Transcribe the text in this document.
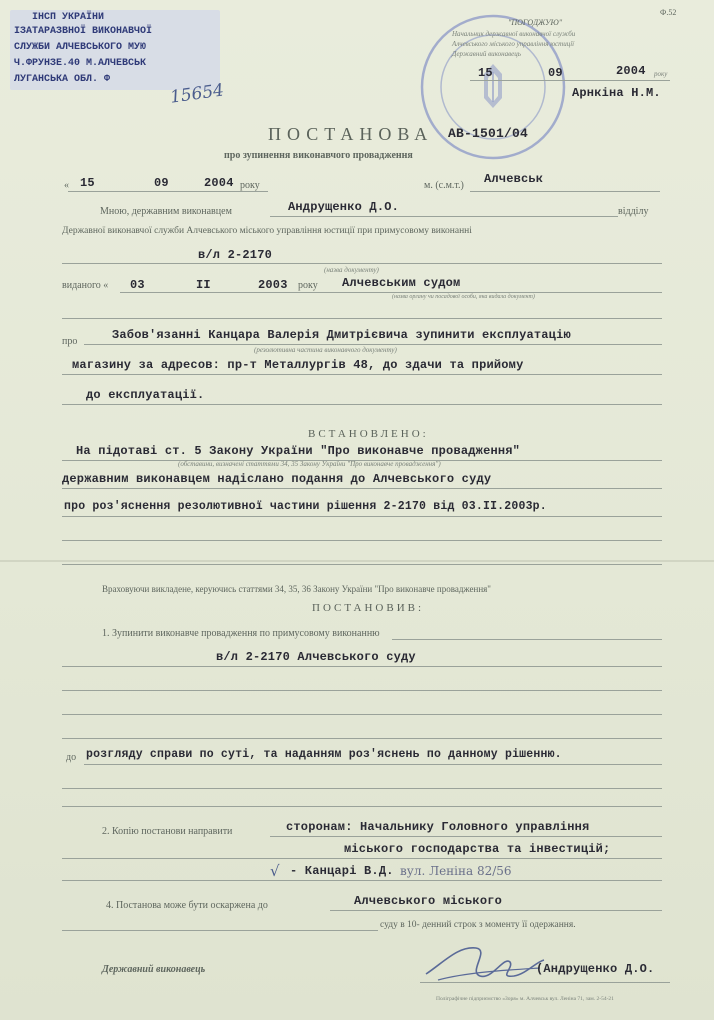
ІНСП УКРАЇНИ
ІЗАТАРАЗВНОЇ ВИКОНАВЧОЇ
СЛУЖБИ АЛЧЕВСЬКОГО МУЮ
Ч.ФРУНЗЕ.40 М.АЛЧЕВСЬК
ЛУГАНСЬКА ОБЛ. Ф
15654
Ф.52
"ПОГОДЖУЮ"
Начальник державної виконавчої служби
Алчевського міського управління юстиції
Державний виконавець
15	09	2004 року
Арнкіна Н.М.
ПОСТАНОВА АВ-1501/04
про зупинення виконавчого провадження
« 15	09	2004 року	м. (с.м.т.) Алчевськ
Мною, державним виконавцем	Андрущенко Д.О.	відділу
Державної виконавчої служби Алчевського міського управління юстиції при примусовому виконанні
в/л 2-2170
(назва документу)
виданого « 03	II	2003 року Алчевським судом
(назва органу чи посадової особи, яка видала документ)
про	Забов'язанні Канцара Валерія Дмитрієвича зупинити експлуатацію
(резолютивна частина виконавчого документу)
магазину за адресов: пр-т Металлургів 48, до здачи та прийому
до експлуатації.
ВСТАНОВЛЕНО:
На підотаві ст. 5 Закону України "Про виконавче провадження"
(обставини, визначені статтями 34, 35 Закону України "Про виконавче провадження")
державним виконавцем надіслано подання до Алчевського суду
про роз'яснення резолютивної частини рішення 2-2170 від 03.II.2003р.
Враховуючи викладене, керуючись статтями 34, 35, 36 Закону України "Про виконавче провадження"
ПОСТАНОВИВ:
1. Зупинити виконавче провадження по примусовому виконанню
в/л 2-2170 Алчевського суду
до розгляду справи по суті, та наданням роз'яснень по данному рішенню.
2. Копію постанови направити	сторонам: Начальнику Головного управління
міського господарства та інвестицій;
√ - Канцарі В.Д. вул. Леніна 82/56
4. Постанова може бути оскаржена до	Алчевського міського
суду в 10- денний строк з моменту її одержання.
Державний виконавець	(Андрущенко Д.О.
Поліграфічне підприємство «Зоря» м. Алчевськ вул. Леніна 71, зам. 2-54-21
